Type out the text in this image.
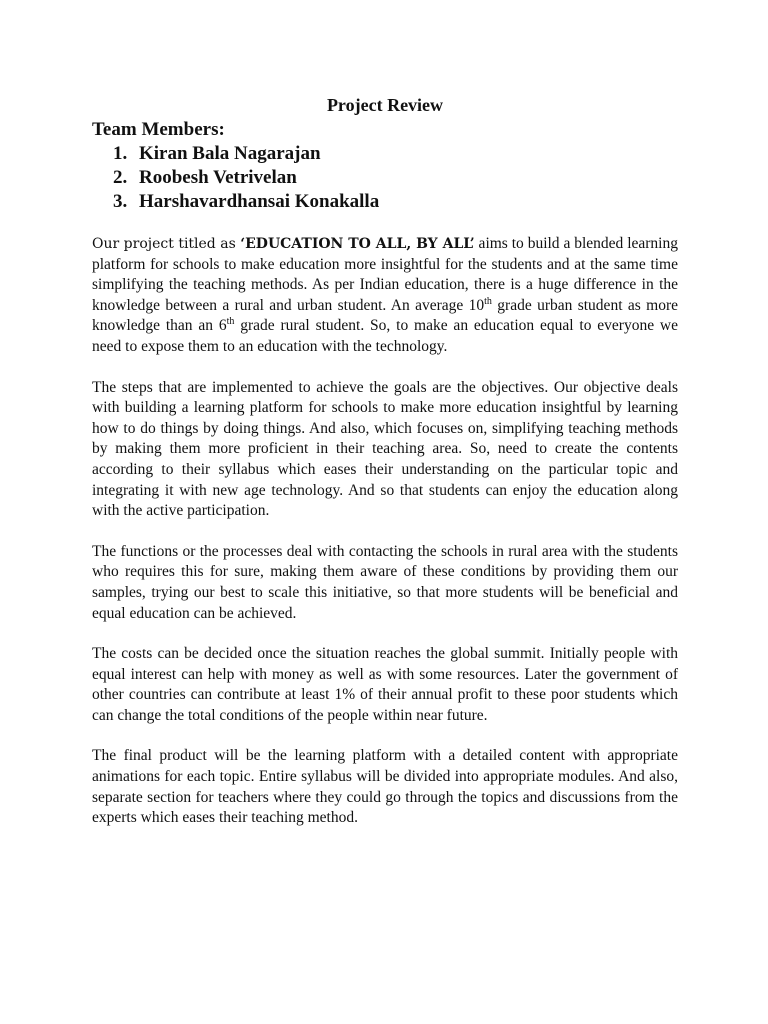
Project Review
Team Members:
1. Kiran Bala Nagarajan
2. Roobesh Vetrivelan
3. Harshavardhansai Konakalla

Our project titled as ‘EDUCATION TO ALL, BY ALL’ aims to build a blended learning platform for schools to make education more insightful for the students and at the same time simplifying the teaching methods. As per Indian education, there is a huge difference in the knowledge between a rural and urban student. An average 10th grade urban student as more knowledge than an 6th grade rural student. So, to make an education equal to everyone we need to expose them to an education with the technology.

The steps that are implemented to achieve the goals are the objectives. Our objective deals with building a learning platform for schools to make more education insightful by learning how to do things by doing things. And also, which focuses on, simplifying teaching methods by making them more proficient in their teaching area. So, need to create the contents according to their syllabus which eases their understanding on the particular topic and integrating it with new age technology. And so that students can enjoy the education along with the active participation.

The functions or the processes deal with contacting the schools in rural area with the students who requires this for sure, making them aware of these conditions by providing them our samples, trying our best to scale this initiative, so that more students will be beneficial and equal education can be achieved.

The costs can be decided once the situation reaches the global summit. Initially people with equal interest can help with money as well as with some resources. Later the government of other countries can contribute at least 1% of their annual profit to these poor students which can change the total conditions of the people within near future.

The final product will be the learning platform with a detailed content with appropriate animations for each topic. Entire syllabus will be divided into appropriate modules. And also, separate section for teachers where they could go through the topics and discussions from the experts which eases their teaching method.
